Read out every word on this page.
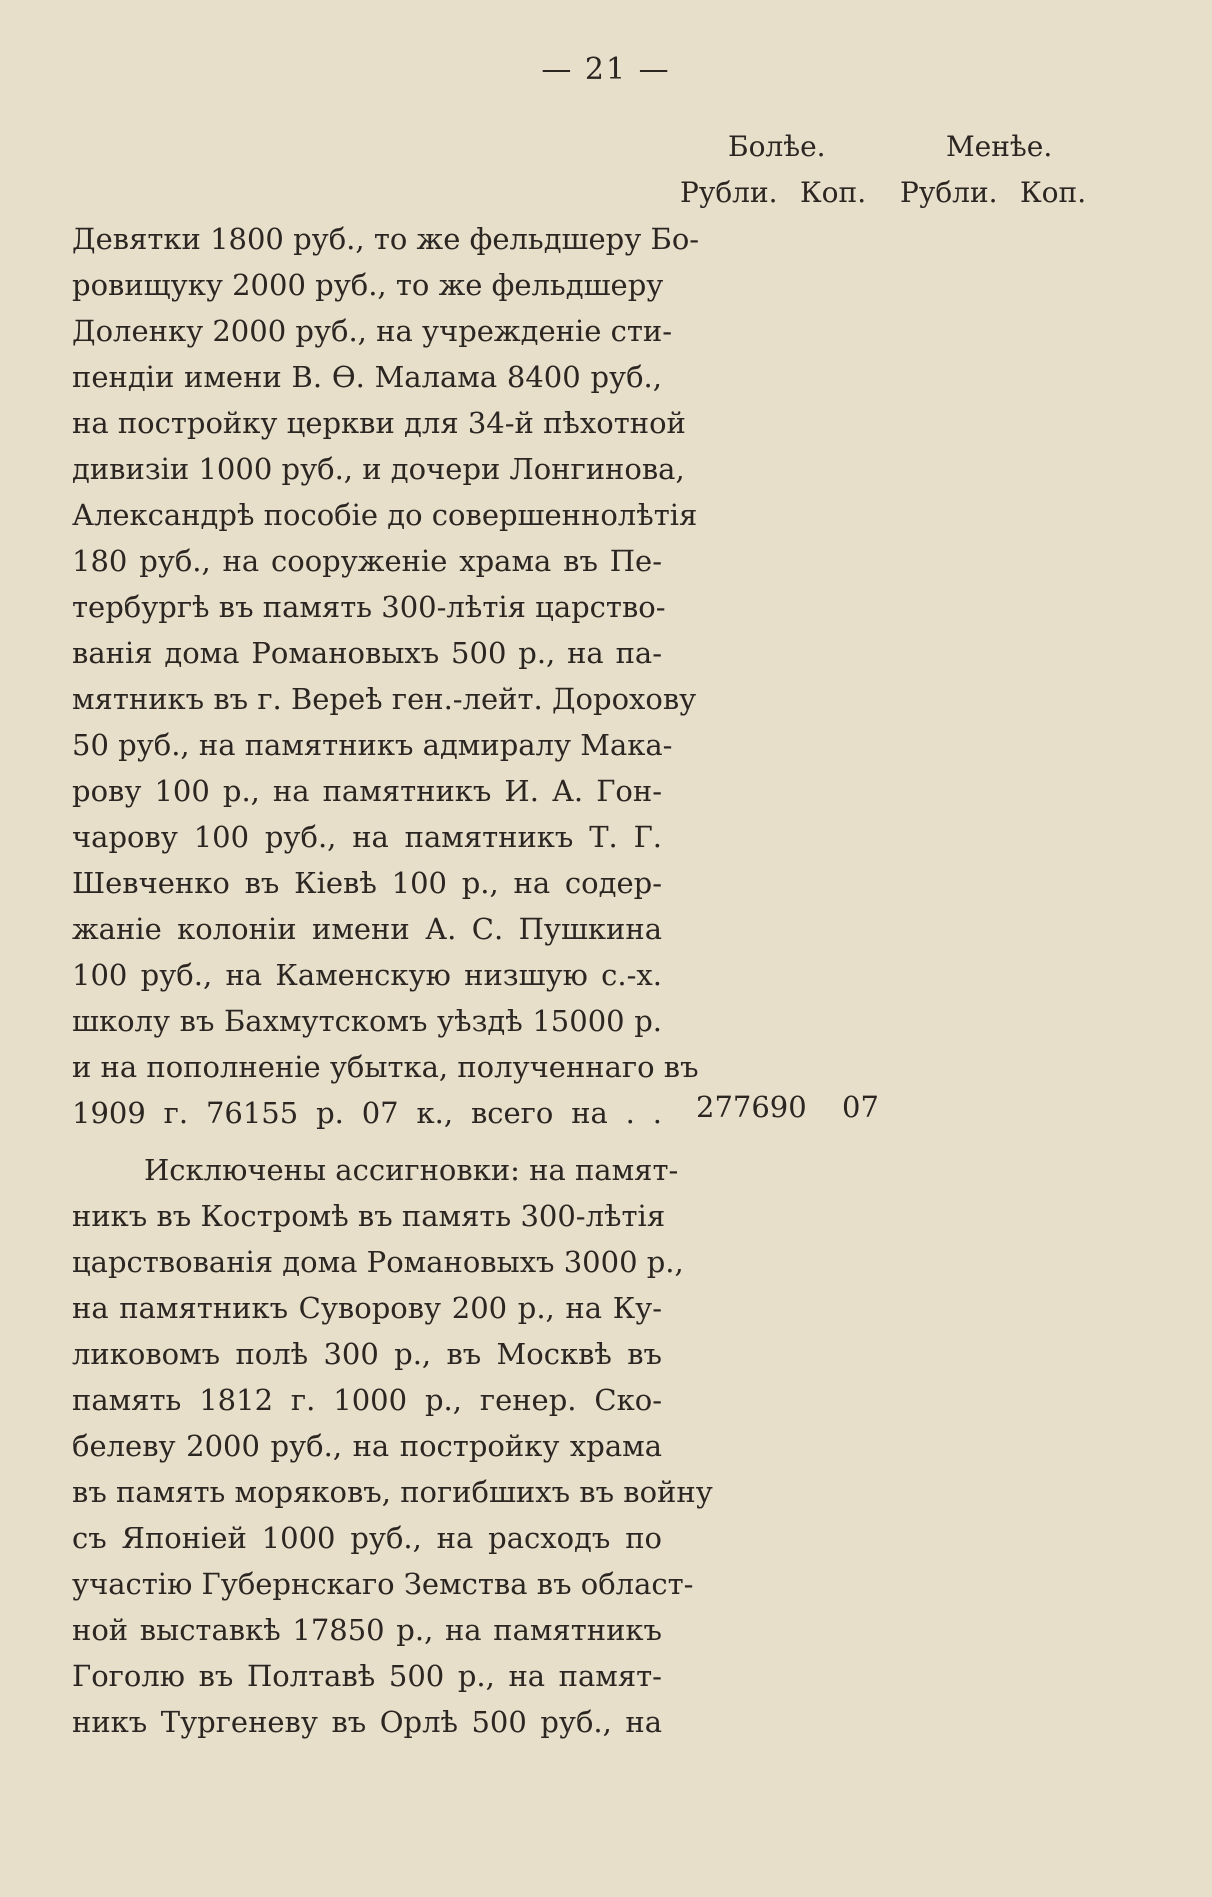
— 21 —
Болѣе.	Менѣе.
Рубли. Коп. Рубли. Коп.
Девятки 1800 руб., то же фельдшеру Бо-
ровищуку 2000 руб., то же фельдшеру
Доленку 2000 руб., на учрежденіе сти-
пендіи имени В. Ѳ. Малама 8400 руб.,
на постройку церкви для 34-й пѣхотной
дивизіи 1000 руб., и дочери Лонгинова,
Александрѣ пособіе до совершеннолѣтія
180 руб., на сооруженіе храма въ Пе-
тербургѣ въ память 300-лѣтія царство-
ванія дома Романовыхъ 500 р., на па-
мятникъ въ г. Вереѣ ген.-лейт. Дорохову
50 руб., на памятникъ адмиралу Мака-
рову 100 р., на памятникъ И. А. Гон-
чарову 100 руб., на памятникъ Т. Г.
Шевченко въ Кіевѣ 100 р., на содер-
жаніе колоніи имени А. С. Пушкина
100 руб., на Каменскую низшую с.-х.
школу въ Бахмутскомъ уѣздѣ 15000 р.
и на пополненіе убытка, полученнаго въ
1909 г. 76155 р. 07 к., всего на . . 277690 07
Исключены ассигновки: на памят-
никъ въ Костромѣ въ память 300-лѣтія
царствованія дома Романовыхъ 3000 р.,
на памятникъ Суворову 200 р., на Ку-
ликовомъ полѣ 300 р., въ Москвѣ въ
память 1812 г. 1000 р., генер. Ско-
белеву 2000 руб., на постройку храма
въ память моряковъ, погибшихъ въ войну
съ Японіей 1000 руб., на расходъ по
участію Губернскаго Земства въ област-
ной выставкѣ 17850 р., на памятникъ
Гоголю въ Полтавѣ 500 р., на памят-
никъ Тургеневу въ Орлѣ 500 руб., на
